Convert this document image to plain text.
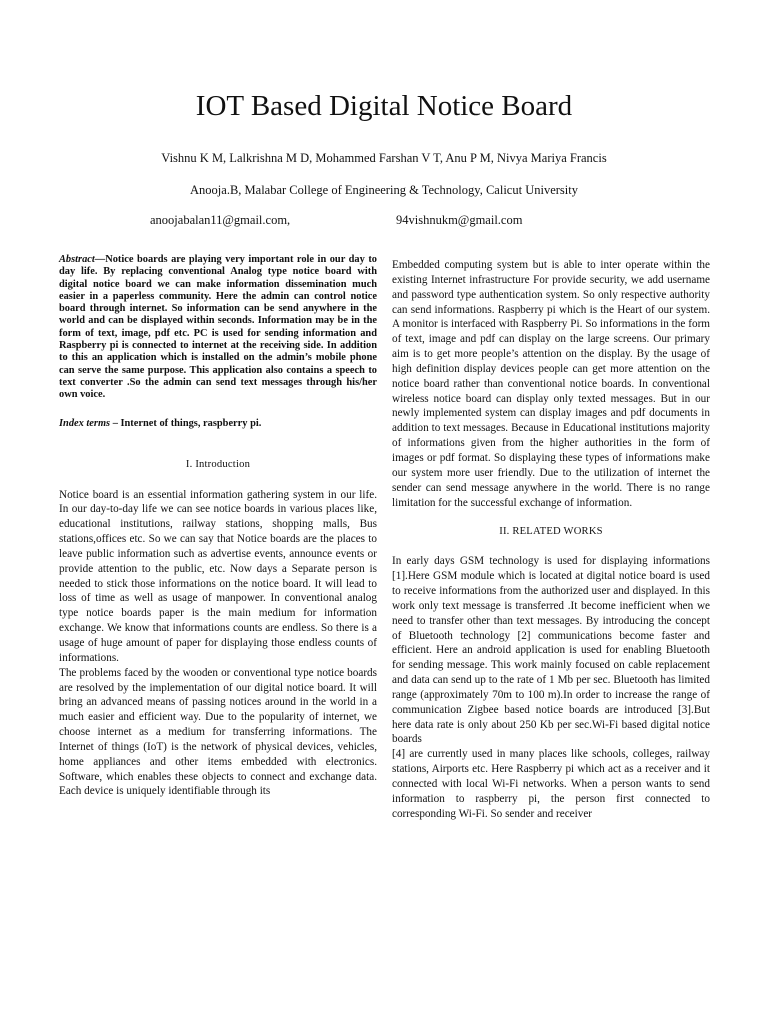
IOT Based Digital Notice Board
Vishnu K M, Lalkrishna M D, Mohammed Farshan V T, Anu P M, Nivya Mariya Francis
Anooja.B, Malabar College of Engineering & Technology, Calicut University
anoojabalan11@gmail.com,	94vishnukm@gmail.com

Abstract—Notice boards are playing very important role in our day to day life. By replacing conventional Analog type notice board with digital notice board we can make information dissemination much easier in a paperless community. Here the admin can control notice board through internet. So information can be send anywhere in the world and can be displayed within seconds. Information may be in the form of text, image, pdf etc. PC is used for sending information and Raspberry pi is connected to internet at the receiving side. In addition to this an application which is installed on the admin’s mobile phone can serve the same purpose. This application also contains a speech to text converter .So the admin can send text messages through his/her own voice.

Index terms – Internet of things, raspberry pi.

I. Introduction

Notice board is an essential information gathering system in our life. In our day-to-day life we can see notice boards in various places like, educational institutions, railway stations, shopping malls, Bus stations,offices etc. So we can say that Notice boards are the places to leave public information such as advertise events, announce events or provide attention to the public, etc. Now days a Separate person is needed to stick those informations on the notice board. It will lead to loss of time as well as usage of manpower. In conventional analog type notice boards paper is the main medium for information exchange. We know that informations counts are endless. So there is a usage of huge amount of paper for displaying those endless counts of informations.

The problems faced by the wooden or conventional type notice boards are resolved by the implementation of our digital notice board. It will bring an advanced means of passing notices around in the world in a much easier and efficient way. Due to the popularity of internet, we choose internet as a medium for transferring informations. The Internet of things (IoT) is the network of physical devices, vehicles, home appliances and other items embedded with electronics. Software, which enables these objects to connect and exchange data. Each device is uniquely identifiable through its

Embedded computing system but is able to inter operate within the existing Internet infrastructure For provide security, we add username and password type authentication system. So only respective authority can send informations. Raspberry pi which is the Heart of our system. A monitor is interfaced with Raspberry Pi. So informations in the form of text, image and pdf can display on the large screens. Our primary aim is to get more people’s attention on the display. By the usage of high definition display devices people can get more attention on the notice board rather than conventional notice boards. In conventional wireless notice board can display only texted messages. But in our newly implemented system can display images and pdf documents in addition to text messages. Because in Educational institutions majority of informations given from the higher authorities in the form of images or pdf format. So displaying these types of informations make our system more user friendly. Due to the utilization of internet the sender can send message anywhere in the world. There is no range limitation for the successful exchange of information.

II. RELATED WORKS

In early days GSM technology is used for displaying informations [1].Here GSM module which is located at digital notice board is used to receive informations from the authorized user and displayed. In this work only text message is transferred .It become inefficient when we need to transfer other than text messages. By introducing the concept of Bluetooth technology [2] communications become faster and efficient. Here an android application is used for enabling Bluetooth for sending message. This work mainly focused on cable replacement and data can send up to the rate of 1 Mb per sec. Bluetooth has limited range (approximately 70m to 100 m).In order to increase the range of communication Zigbee based notice boards are introduced [3].But here data rate is only about 250 Kb per sec.Wi-Fi based digital notice boards

[4] are currently used in many places like schools, colleges, railway stations, Airports etc. Here Raspberry pi which act as a receiver and it connected with local Wi-Fi networks. When a person wants to send information to raspberry pi, the person first connected to corresponding Wi-Fi. So sender and receiver
